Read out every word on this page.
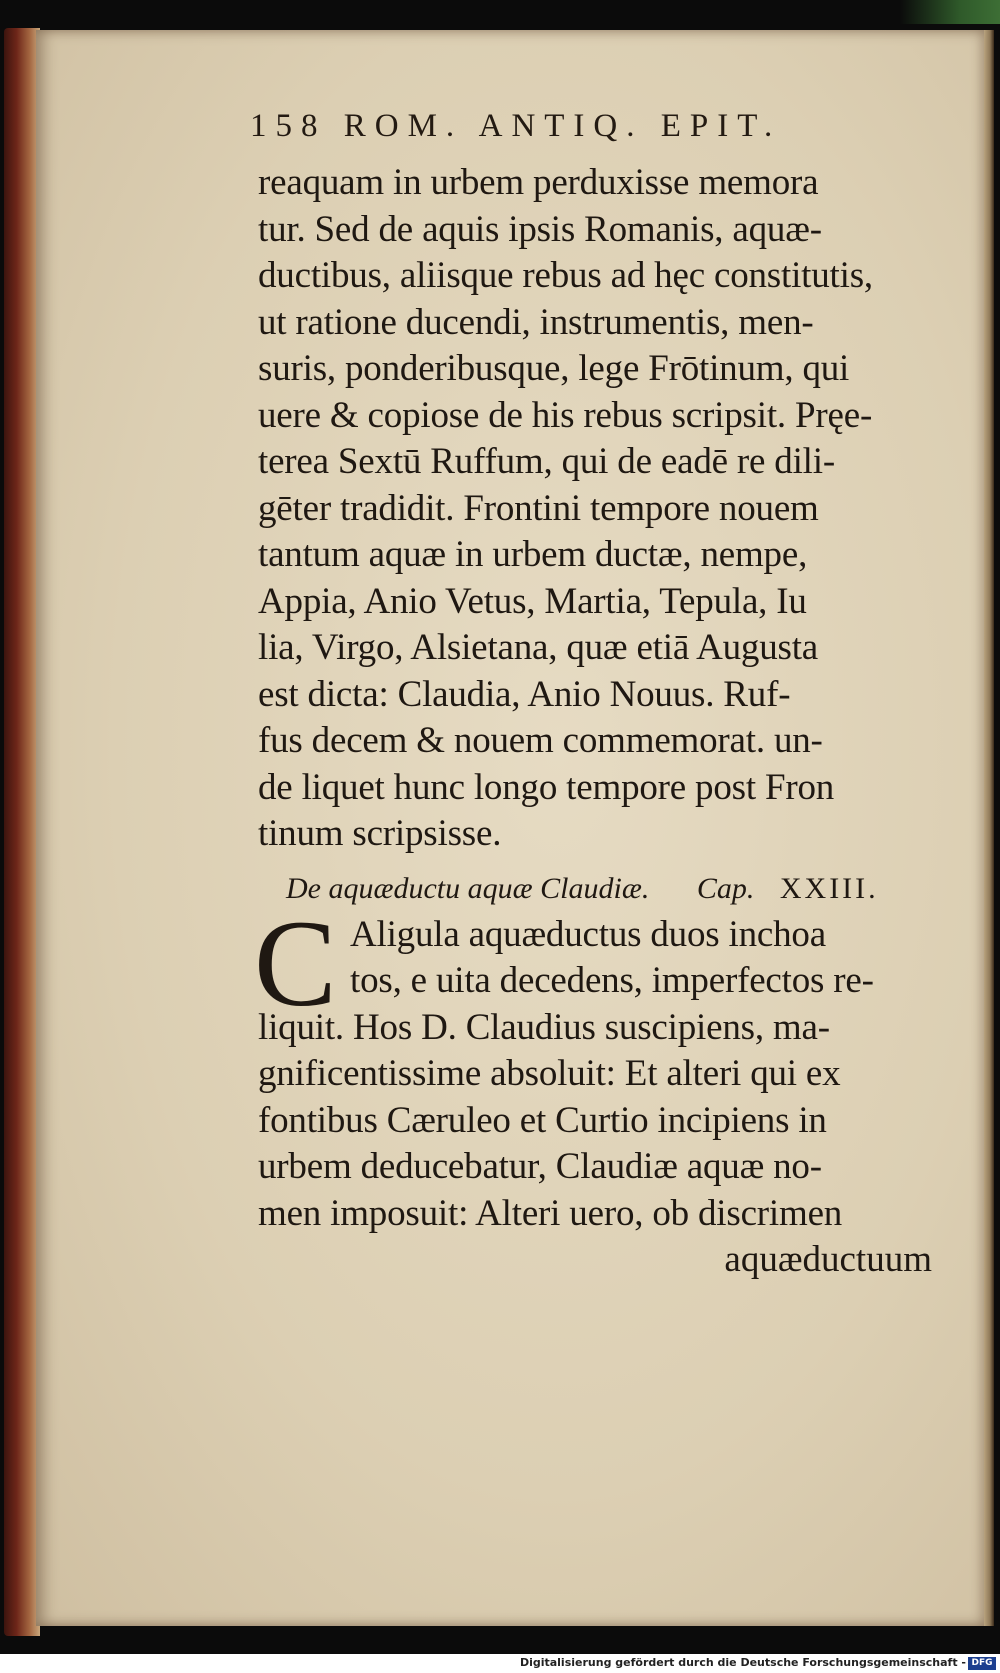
158 ROM. ANTIQ. EPIT.
reaquam in urbem perduxisse memora
tur. Sed de aquis ipsis Romanis, aquæ-
ductibus, aliisque rebus ad hęc constitutis,
ut ratione ducendi, instrumentis, men-
suris, ponderibusque, lege Frōtinum, qui
uere & copiose de his rebus scripsit. Pręe-
terea Sextū Ruffum, qui de eadē re dili-
gēter tradidit. Frontini tempore nouem
tantum aquæ in urbem ductæ, nempe,
Appia, Anio Vetus, Martia, Tepula, Iu
lia, Virgo, Alsietana, quæ etiā Augusta
est dicta: Claudia, Anio Nouus. Ruf-
fus decem & nouem commemorat. un-
de liquet hunc longo tempore post Fron
tinum scripsisse.
De aquæductu aquæ Claudiæ. Cap. XXIII.
C Aligula aquæductus duos inchoa
tos, e uita decedens, imperfectos re-
liquit. Hos D. Claudius suscipiens, ma-
gnificentissime absoluit: Et alteri qui ex
fontibus Cæruleo et Curtio incipiens in
urbem deducebatur, Claudiæ aquæ no-
men imposuit: Alteri uero, ob discrimen
aquæductuum
Digitalisierung gefördert durch die Deutsche Forschungsgemeinschaft - DFG
